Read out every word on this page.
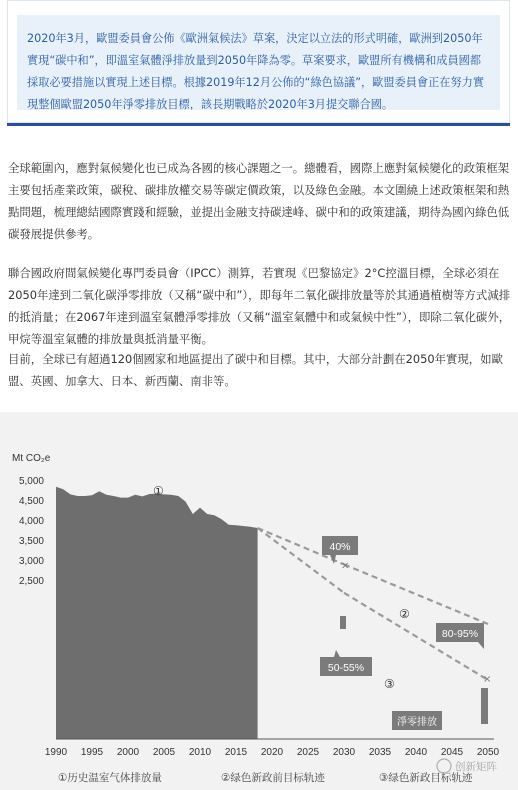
2020年3月，歐盟委員會公佈《歐洲氣候法》草案，決定以立法的形式明確，歐洲到2050年實現“碳中和”，即溫室氣體淨排放量到2050年降為零。草案要求，歐盟所有機構和成員國都採取必要措施以實現上述目標。根據2019年12月公佈的“綠色協議”，歐盟委員會正在努力實現整個歐盟2050年淨零排放目標，該長期戰略於2020年3月提交聯合國。
全球範圍內，應對氣候變化也已成為各國的核心課題之一。總體看，國際上應對氣候變化的政策框架主要包括產業政策，碳稅、碳排放權交易等碳定價政策，以及綠色金融。本文圍繞上述政策框架和熱點問題，梳理總結國際實踐和經驗，並提出金融支持碳達峰、碳中和的政策建議，期待為國內綠色低碳發展提供參考。
聯合國政府間氣候變化專門委員會（IPCC）測算，若實現《巴黎協定》2°C控溫目標，全球必須在2050年達到二氧化碳淨零排放（又稱“碳中和”），即每年二氧化碳排放量等於其通過植樹等方式減排的抵消量；在2067年達到溫室氣體淨零排放（又稱“溫室氣體中和或氣候中性”），即除二氧化碳外，甲烷等溫室氣體的排放量與抵消量平衡。
目前，全球已有超過120個國家和地區提出了碳中和目標。其中，大部分計劃在2050年實現，如歐盟、英國、加拿大、日本、新西蘭、南非等。
Mt CO₂e
5,000
4,500
4,000
3,500
3,000
2,500
1990 1995 2000 2005 2010 2015 2020 2025 2030 2035 2040 2045 2050
×
×
①
②
③
40%
50-55%
80-95%
淨零排放
①历史温室气体排放量	②绿色新政前目标轨迹	③绿色新政目标轨迹
创新矩阵
